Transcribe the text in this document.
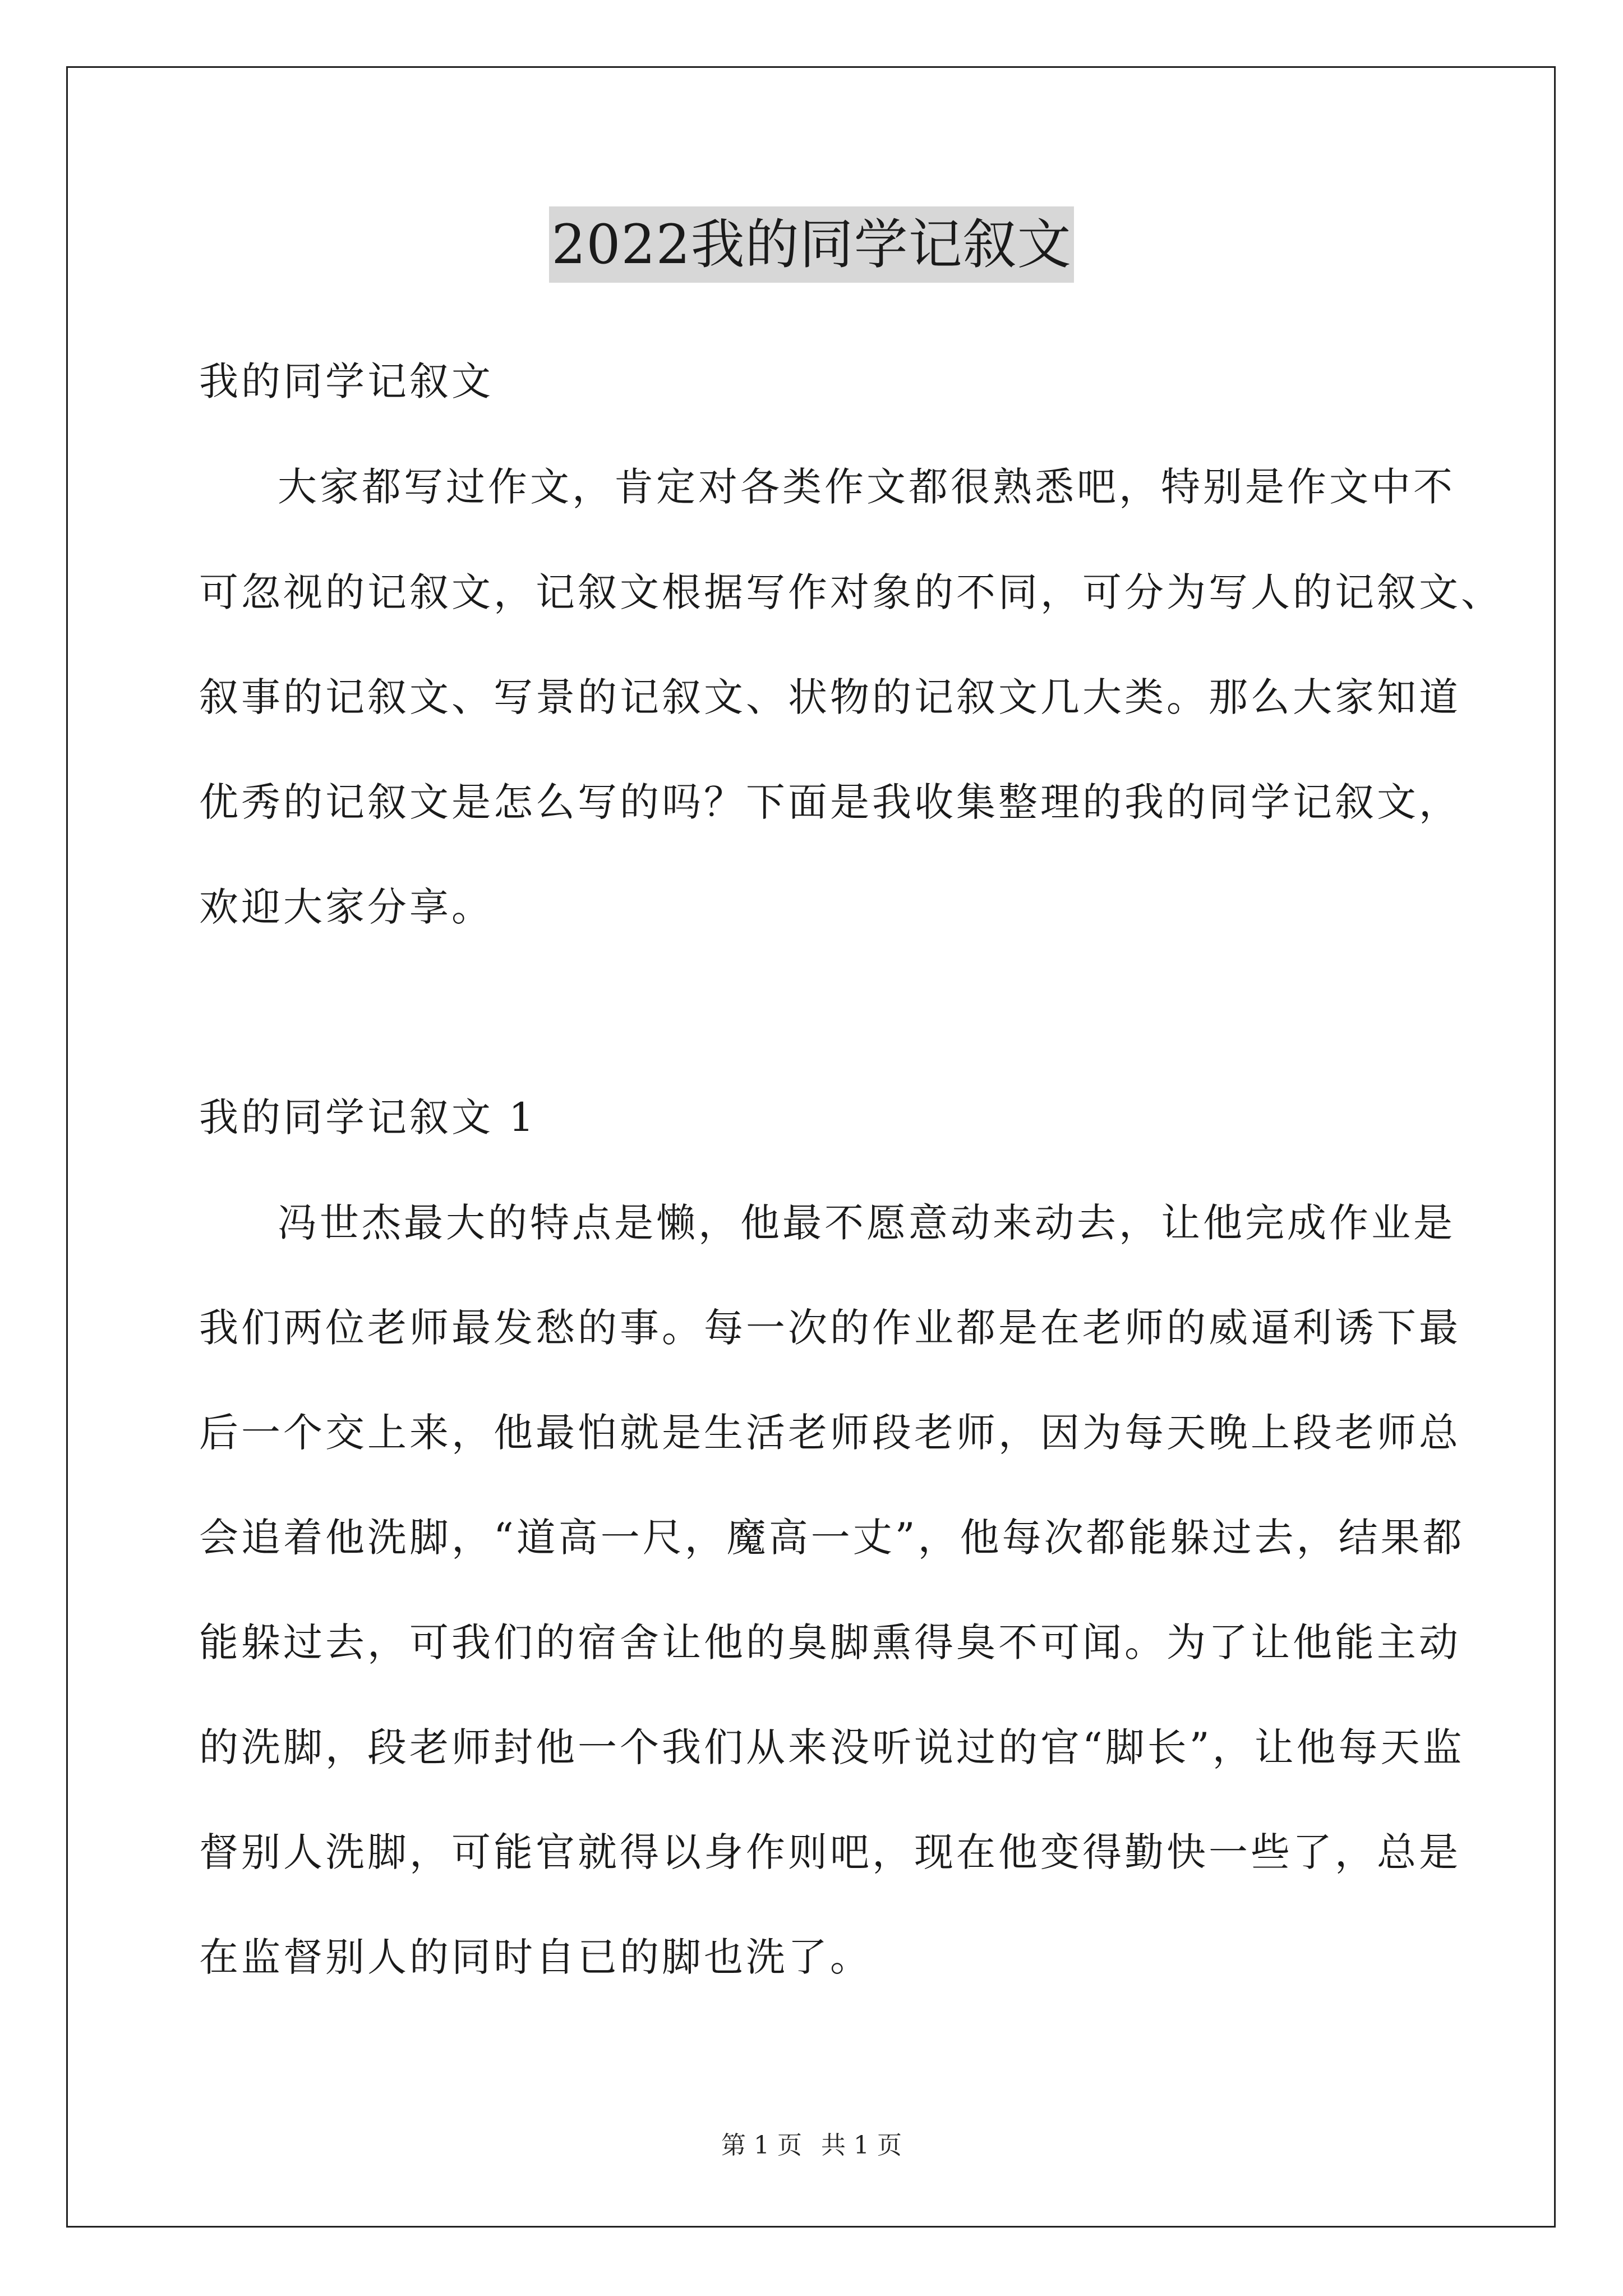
2022我的同学记叙文
我的同学记叙文
大家都写过作文，肯定对各类作文都很熟悉吧，特别是作文中不
可忽视的记叙文，记叙文根据写作对象的不同，可分为写人的记叙文、
叙事的记叙文、写景的记叙文、状物的记叙文几大类。那么大家知道
优秀的记叙文是怎么写的吗？下面是我收集整理的我的同学记叙文，
欢迎大家分享。
我的同学记叙文 1
冯世杰最大的特点是懒，他最不愿意动来动去，让他完成作业是
我们两位老师最发愁的事。每一次的作业都是在老师的威逼利诱下最
后一个交上来，他最怕就是生活老师段老师，因为每天晚上段老师总
会追着他洗脚，“道高一尺，魔高一丈”，他每次都能躲过去，结果都
能躲过去，可我们的宿舍让他的臭脚熏得臭不可闻。为了让他能主动
的洗脚，段老师封他一个我们从来没听说过的官“脚长”，让他每天监
督别人洗脚，可能官就得以身作则吧，现在他变得勤快一些了，总是
在监督别人的同时自已的脚也洗了。
第 1 页 共 1 页
